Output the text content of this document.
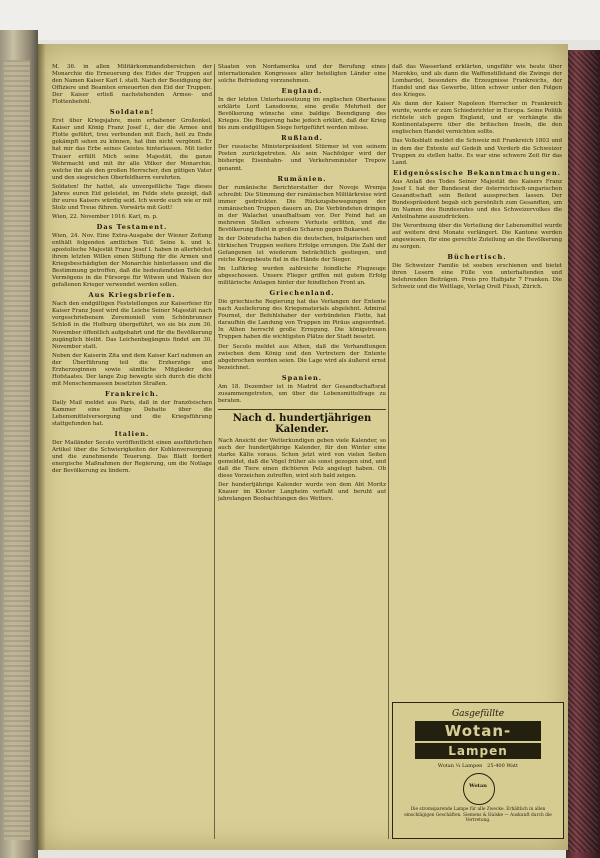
M. 36. in allen Militärkommandobereichen der Monarchie die Erneuerung des Eides der Truppen auf den Namen Kaiser Karl I. statt. Nach der Beeidigung der Offiziere und Beamten erneuerten den Eid der Truppen. Der Kaiser erließ nachstehenden Armee- und Flottenbefehl.
Soldaten!
Erst über Kriegsjahre, mein erhabener Großonkel, Kaiser und König Franz Josef I., der die Armee und Flotte geführt, treu verbunden mit Euch, heil zu Ende gekämpft sehen zu können, hat ihm nicht vergönnt. Er hat mir das Erbe seines Geistes hinterlassen. Mit tiefer Trauer erfüllt Mich seine Majestät, die ganze Wehrmacht und mit ihr alle Völker der Monarchie, welche ihn als den großen Herrscher, den gütigen Vater und den siegreichen Oberfeldherrn verehrten.
Soldaten! Ihr hattet, als unvergeßliche Tage dieses Jahres euren Eid geleistet, im Felde stets gezeigt, daß ihr eures Kaisers würdig seid. Ich werde euch wie er mit Stolz und Treue führen. Vorwärts mit Gott!
Wien, 22. November 1916. Karl, m. p.
Das Testament.
Wien, 24. Nov. Eine Extra-Ausgabe der Wiener Zeitung enthält folgenden amtlichen Teil: Seine k. und k. apostolische Majestät Franz Josef I. haben in allerhöchst ihrem letzten Willen einen Stiftung für die Armen und Kriegsbeschädigten der Monarchie hinterlassen und die Bestimmung getroffen, daß die bedeutendsten Teile des Vermögens in die Fürsorge für Witwen und Waisen der gefallenen Krieger verwendet werden sollen.
Aus Kriegsbriefen.
Nach den endgültigen Feststellungen zur Kaiserfeier für Kaiser Franz Josef wird die Leiche Seiner Majestät nach vorgeschriebenem Zeremoniell vom Schönbrunner Schloß in die Hofburg übergeführt, wo sie bis zum 30. November öffentlich aufgebahrt und für die Bevölkerung zugänglich bleibt. Das Leichenbegängnis findet am 30. November statt.
Neben der Kaiserin Zita und dem Kaiser Karl nahmen an der Überführung teil die Erzherzöge und Erzherzoginnen sowie sämtliche Mitglieder des Hofstaates. Der lange Zug bewegte sich durch die dicht mit Menschenmassen besetzten Straßen.
Frankreich.
Daily Mail meldet aus Paris, daß in der französischen Kammer eine heftige Debatte über die Lebensmittelversorgung und die Kriegsführung stattgefunden hat.
Italien.
Der Mailänder Secolo veröffentlicht einen ausführlichen Artikel über die Schwierigkeiten der Kohlenversorgung und die zunehmende Teuerung. Das Blatt fordert energische Maßnahmen der Regierung, um die Notlage der Bevölkerung zu lindern.
Staaten von Nordamerika und der Berufung eines internationalen Kongresses aller beteiligten Länder eine solche Befriedung vorzunehmen.
England.
In der letzten Unterhaussitzung im englischen Oberhause erklärte Lord Lansdowne, eine große Mehrheit der Bevölkerung wünsche eine baldige Beendigung des Krieges. Die Regierung habe jedoch erklärt, daß der Krieg bis zum endgültigen Siege fortgeführt werden müsse.
Rußland.
Der russische Ministerpräsident Stürmer ist von seinem Posten zurückgetreten. Als sein Nachfolger wird der bisherige Eisenbahn- und Verkehrsminister Trepow genannt.
Rumänien.
Der rumänische Berichterstatter der Novoje Wremja schreibt: Die Stimmung der rumänischen Militärkreise wird immer gedrückter. Die Rückzugsbewegungen der rumänischen Truppen dauern an. Die Verbündeten dringen in der Walachei unaufhaltsam vor. Der Feind hat an mehreren Stellen schwere Verluste erlitten, und die Bevölkerung flieht in großen Scharen gegen Bukarest.
In der Dobrudscha haben die deutschen, bulgarischen und türkischen Truppen weitere Erfolge errungen. Die Zahl der Gefangenen ist wiederum beträchtlich gestiegen, und reiche Kriegsbeute fiel in die Hände der Sieger.
Im Luftkrieg wurden zahlreiche feindliche Flugzeuge abgeschossen. Unsere Flieger griffen mit gutem Erfolg militärische Anlagen hinter der feindlichen Front an.
Griechenland.
Die griechische Regierung hat das Verlangen der Entente nach Auslieferung des Kriegsmaterials abgelehnt. Admiral Fournet, der Befehlshaber der verbündeten Flotte, hat daraufhin die Landung von Truppen im Piräus angeordnet. In Athen herrscht große Erregung. Die königstreuen Truppen haben die wichtigsten Plätze der Stadt besetzt.
Der Secolo meldet aus Athen, daß die Verhandlungen zwischen dem König und den Vertretern der Entente abgebrochen worden seien. Die Lage wird als äußerst ernst bezeichnet.
Spanien.
Am 18. Dezember ist in Madrid der Gesandtschaftsrat zusammengetreten, um über die Lebensmittelfrage zu beraten.
Nach d. hundertjährigen Kalender.
Nach Ansicht der Wetterkundigen geben viele Kalender, so auch der hundertjährige Kalender, für den Winter eine starke Kälte voraus. Schon jetzt wird von vielen Seiten gemeldet, daß die Vögel früher als sonst gezogen sind, und daß die Tiere einen dichteren Pelz angelegt haben. Ob diese Vorzeichen zutreffen, wird sich bald zeigen.
Der hundertjährige Kalender wurde von dem Abt Moritz Knauer im Kloster Langheim verfaßt und beruht auf jahrelangen Beobachtungen des Wetters.
daß das Wasserland erklärten, ungefähr wie heute über Marokko, und als dann die Waffenstillstand die Zwinge der Lombardei, besonders die Erzeugnisse Frankreichs, der Handel und das Gewerbe, litten schwer unter den Folgen des Krieges.
Als dann der Kaiser Napoleon Herrscher in Frankreich wurde, wurde er zum Schiedsrichter in Europa. Seine Politik richtete sich gegen England, und er verhängte die Kontinentalsperre über die britischen Inseln, die den englischen Handel vernichten sollte.
Das Volksblatt meldet die Schweiz mit Frankreich 1803 und in dem der Entente auf Gedeih und Verderb die Schweizer Truppen zu stellen hatte. Es war eine schwere Zeit für das Land.
Eidgenössische Bekanntmachungen.
Aus Anlaß des Todes Seiner Majestät des Kaisers Franz Josef I. hat der Bundesrat der österreichisch-ungarischen Gesandtschaft sein Beileid aussprechen lassen. Der Bundespräsident begab sich persönlich zum Gesandten, um im Namen des Bundesrates und des Schweizervolkes die Anteilnahme auszudrücken.
Die Verordnung über die Verteilung der Lebensmittel wurde auf weitere drei Monate verlängert. Die Kantone werden angewiesen, für eine gerechte Zuteilung an die Bevölkerung zu sorgen.
Büchertisch.
Die Schweizer Familie ist soeben erschienen und bietet ihren Lesern eine Fülle von unterhaltenden und belehrenden Beiträgen. Preis pro Halbjahr 7 Franken. Die Schweiz und die Weltlage, Verlag Orell Füssli, Zürich.
Gasgefüllte
Wotan-
Lampen
Wotan ¼ Lampen 25-400 Watt
Wotan
Die stromsparende Lampe für alle Zwecke. Erhältlich in allen einschlägigen Geschäften. Siemens & Halske — Auskunft durch die Vertretung.
